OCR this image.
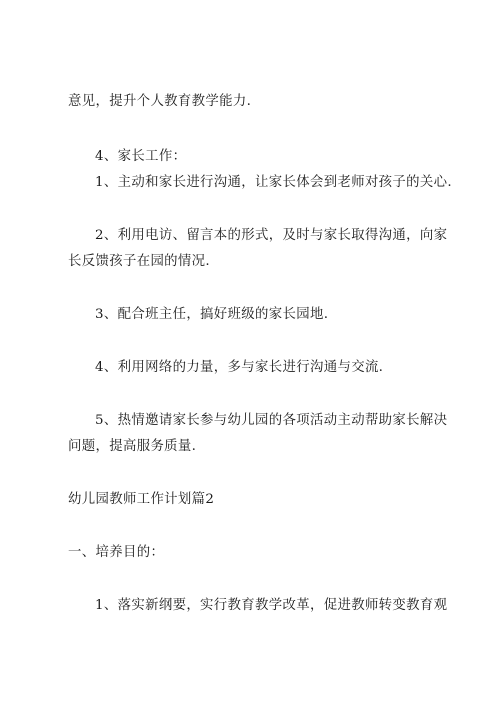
意见，提升个人教育教学能力.
4、家长工作：
1、主动和家长进行沟通，让家长体会到老师对孩子的关心.
2、利用电访、留言本的形式，及时与家长取得沟通，向家
长反馈孩子在园的情况.
3、配合班主任，搞好班级的家长园地.
4、利用网络的力量，多与家长进行沟通与交流.
5、热情邀请家长参与幼儿园的各项活动主动帮助家长解决
问题，提高服务质量.
幼儿园教师工作计划篇2
一、培养目的：
1、落实新纲要，实行教育教学改革，促进教师转变教育观
